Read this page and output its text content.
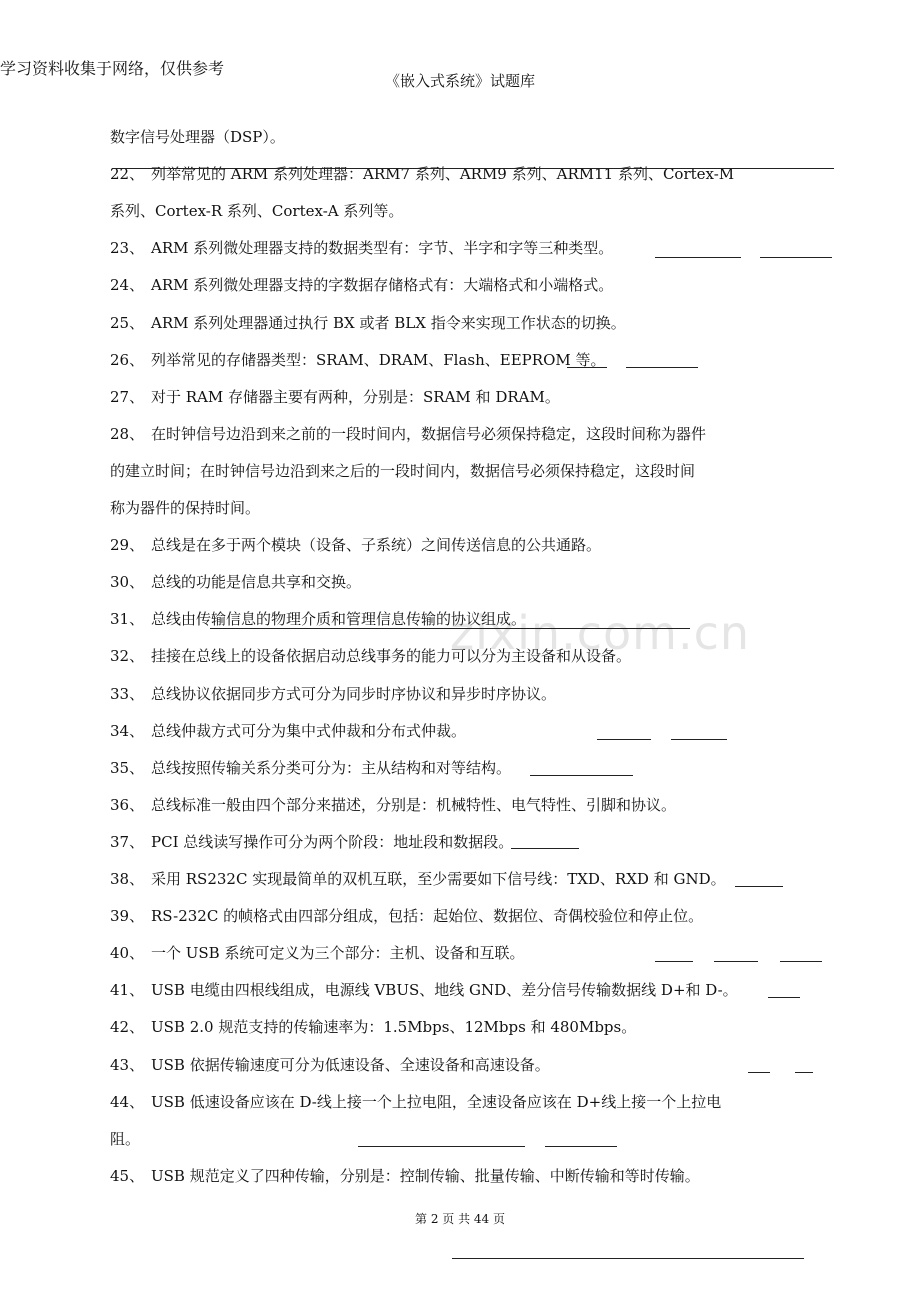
学习资料收集于网络，仅供参考
《嵌入式系统》试题库
数字信号处理器（DSP）。
22、 列举常见的 ARM 系列处理器：ARM7 系列、ARM9 系列、ARM11 系列、Cortex-M
系列、Cortex-R 系列、Cortex-A 系列等。
23、 ARM 系列微处理器支持的数据类型有：字节、半字和字等三种类型。
24、 ARM 系列微处理器支持的字数据存储格式有：大端格式和小端格式。
25、 ARM 系列处理器通过执行 BX 或者 BLX 指令来实现工作状态的切换。
26、 列举常见的存储器类型：SRAM、DRAM、Flash、EEPROM 等。
27、 对于 RAM 存储器主要有两种，分别是：SRAM 和 DRAM。
28、 在时钟信号边沿到来之前的一段时间内，数据信号必须保持稳定，这段时间称为器件
的建立时间；在时钟信号边沿到来之后的一段时间内，数据信号必须保持稳定，这段时间
称为器件的保持时间。
29、 总线是在多于两个模块（设备、子系统）之间传送信息的公共通路。
30、 总线的功能是信息共享和交换。
31、 总线由传输信息的物理介质和管理信息传输的协议组成。
32、 挂接在总线上的设备依据启动总线事务的能力可以分为主设备和从设备。
33、 总线协议依据同步方式可分为同步时序协议和异步时序协议。
34、 总线仲裁方式可分为集中式仲裁和分布式仲裁。
35、 总线按照传输关系分类可分为：主从结构和对等结构。
36、 总线标准一般由四个部分来描述，分别是：机械特性、电气特性、引脚和协议。
37、 PCI 总线读写操作可分为两个阶段：地址段和数据段。
38、 采用 RS232C 实现最简单的双机互联，至少需要如下信号线：TXD、RXD 和 GND。
39、 RS-232C 的帧格式由四部分组成，包括：起始位、数据位、奇偶校验位和停止位。
40、 一个 USB 系统可定义为三个部分：主机、设备和互联。
41、 USB 电缆由四根线组成，电源线 VBUS、地线 GND、差分信号传输数据线 D+和 D-。
42、 USB 2.0 规范支持的传输速率为：1.5Mbps、12Mbps 和 480Mbps。
43、 USB 依据传输速度可分为低速设备、全速设备和高速设备。
44、 USB 低速设备应该在 D-线上接一个上拉电阻，全速设备应该在 D+线上接一个上拉电
阻。
45、 USB 规范定义了四种传输，分别是：控制传输、批量传输、中断传输和等时传输。
zixin.com.cn
第 2 页 共 44 页
